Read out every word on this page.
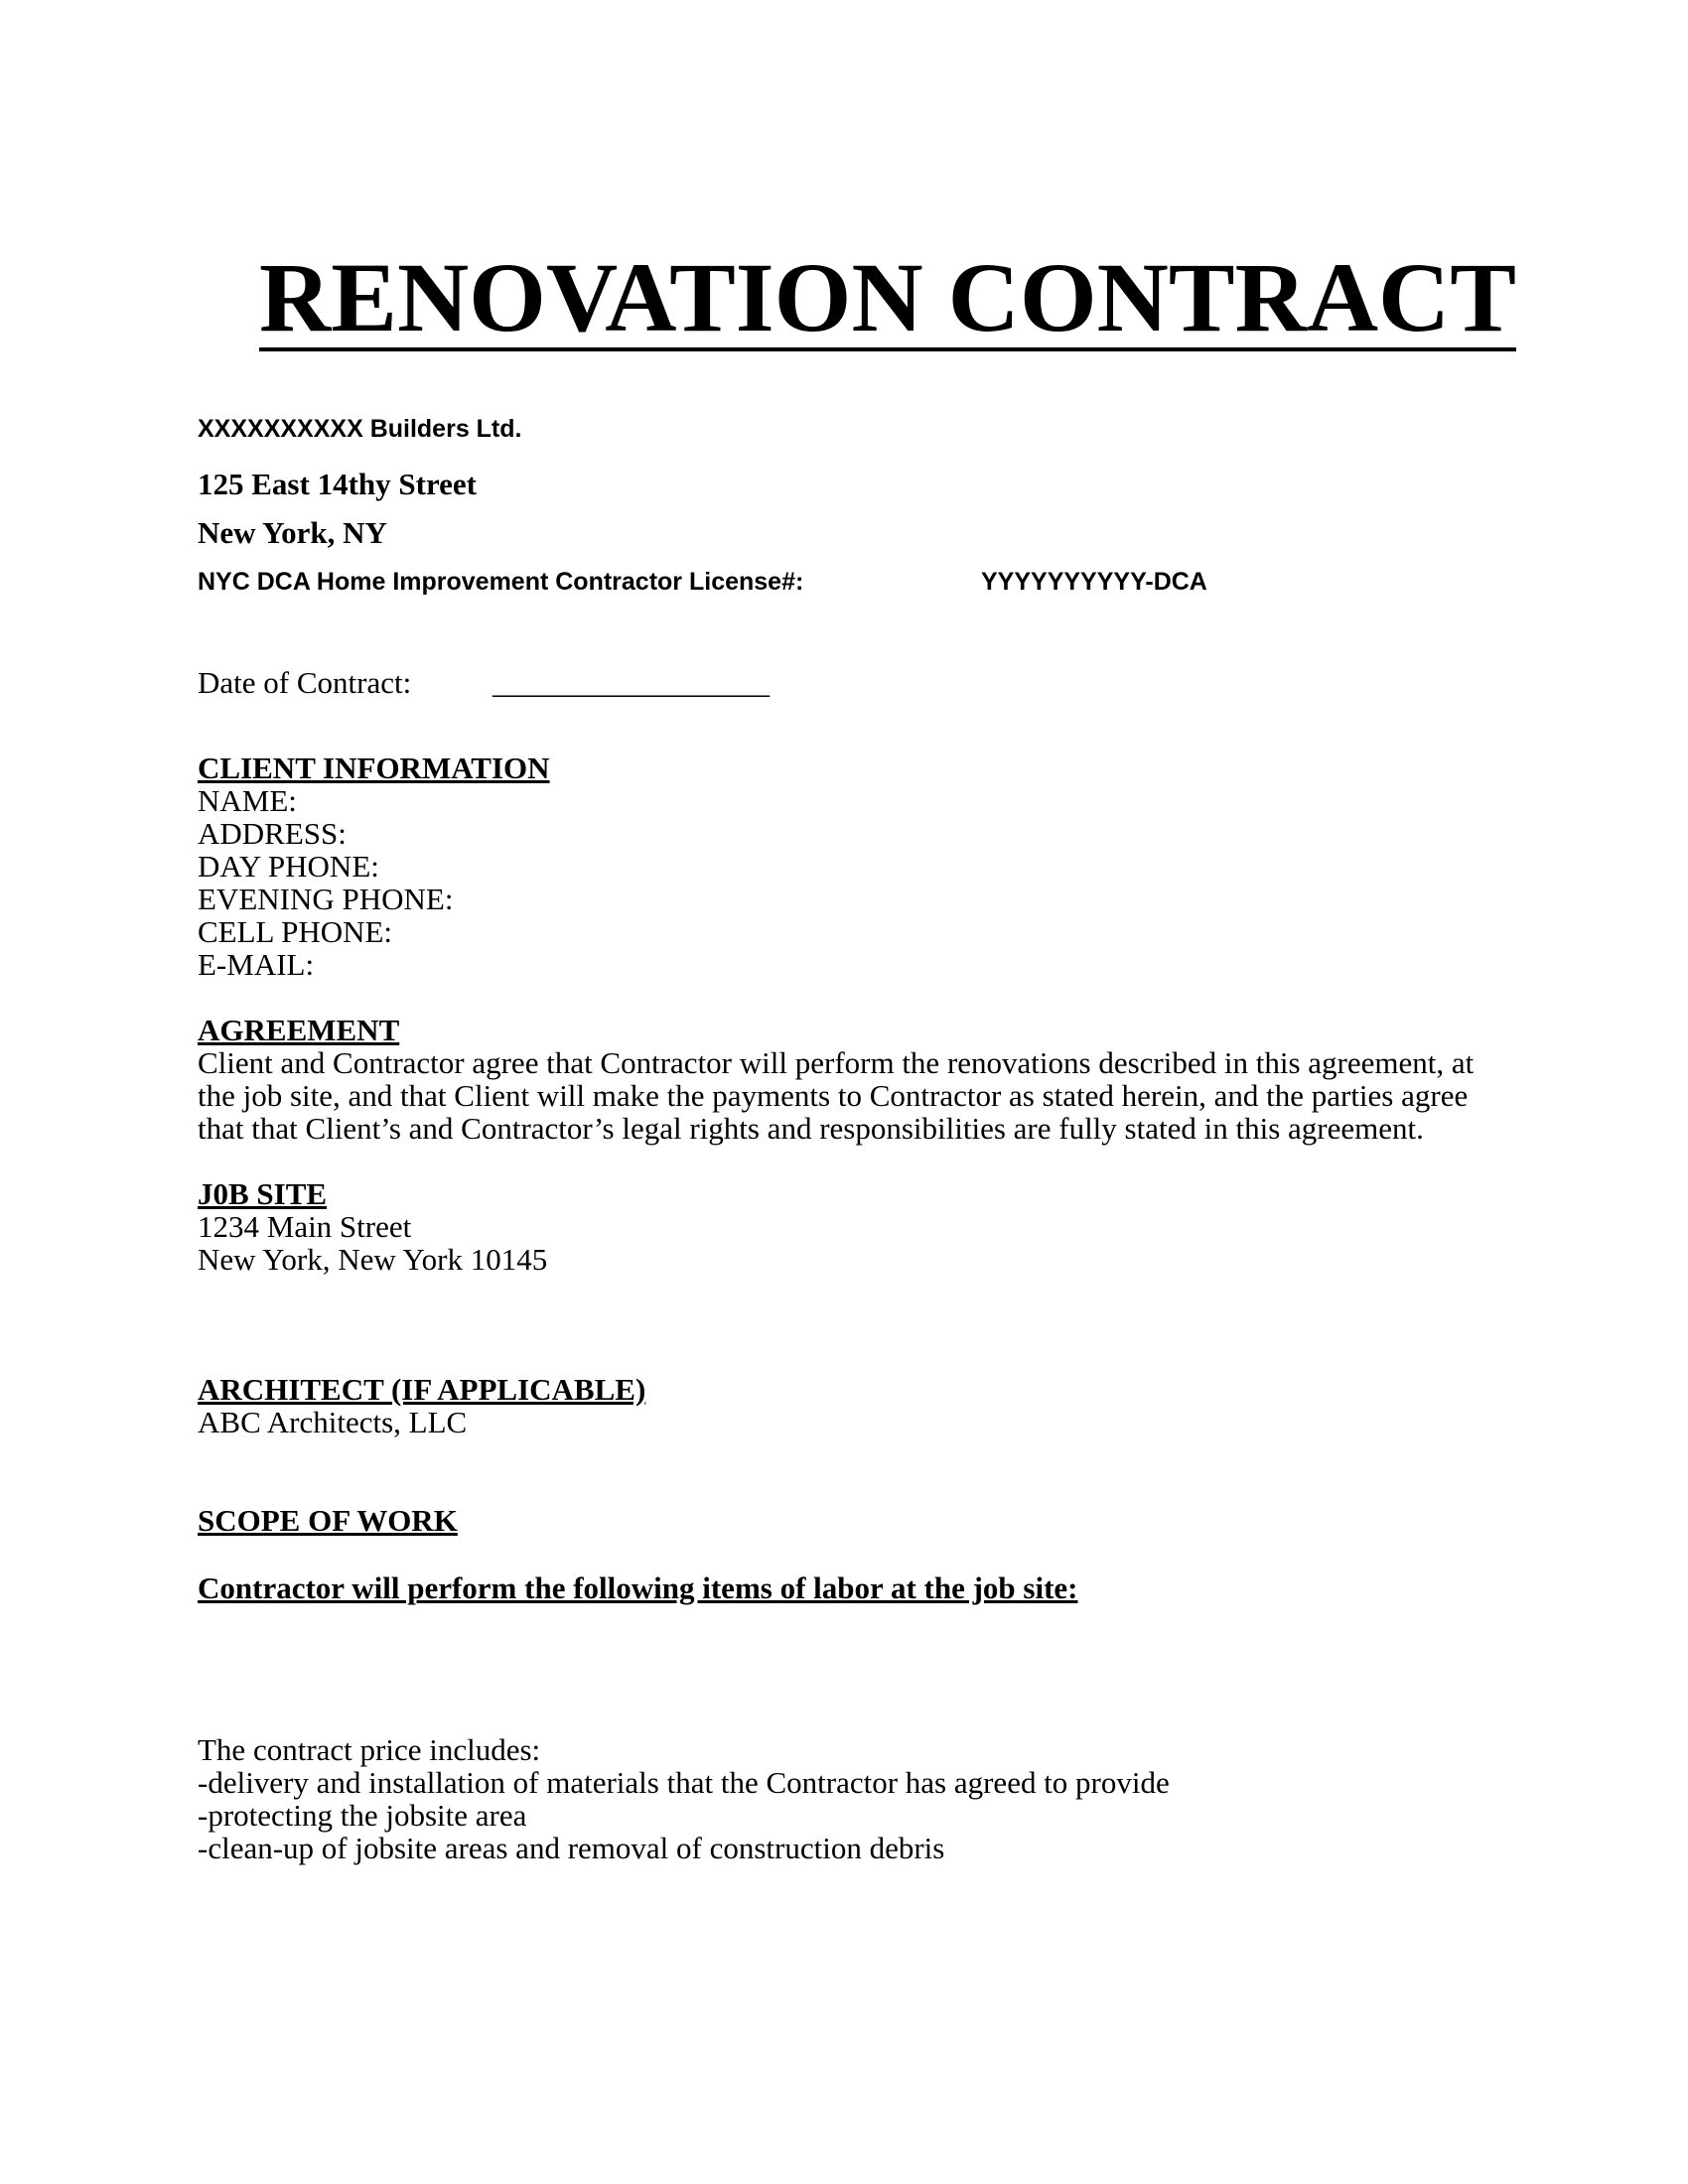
RENOVATION CONTRACT
XXXXXXXXXX Builders Ltd.
125 East 14thy Street
New York, NY
NYC DCA Home Improvement Contractor License#:	YYYYYYYYYY-DCA
Date of Contract:	__________________
CLIENT INFORMATION
NAME:
ADDRESS:
DAY PHONE:
EVENING PHONE:
CELL PHONE:
E-MAIL:
AGREEMENT
Client and Contractor agree that Contractor will perform the renovations described in this agreement, at
the job site, and that Client will make the payments to Contractor as stated herein, and the parties agree
that that Client’s and Contractor’s legal rights and responsibilities are fully stated in this agreement.
J0B SITE
1234 Main Street
New York, New York 10145
ARCHITECT (IF APPLICABLE)
ABC Architects, LLC
SCOPE OF WORK
Contractor will perform the following items of labor at the job site:
The contract price includes:
-delivery and installation of materials that the Contractor has agreed to provide
-protecting the jobsite area
-clean-up of jobsite areas and removal of construction debris
